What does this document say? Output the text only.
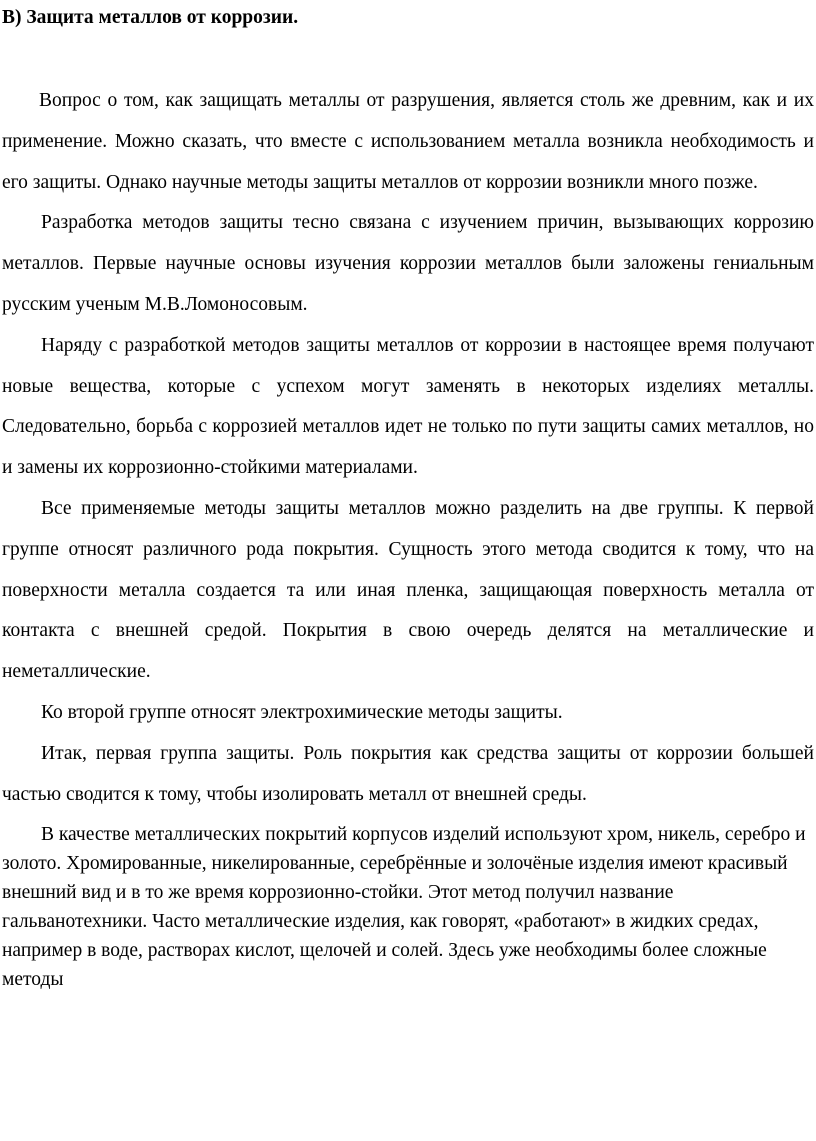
В) Защита металлов от коррозии.

Вопрос о том, как защищать металлы от разрушения, является столь же древним, как и их применение. Можно сказать, что вместе с использованием металла возникла необходимость и его защиты. Однако научные методы защиты металлов от коррозии возникли много позже.

Разработка методов защиты тесно связана с изучением причин, вызывающих коррозию металлов. Первые научные основы изучения коррозии металлов были заложены гениальным русским ученым М.В.Ломоносовым.

Наряду с разработкой методов защиты металлов от коррозии в настоящее время получают новые вещества, которые с успехом могут заменять в некоторых изделиях металлы. Следовательно, борьба с коррозией металлов идет не только по пути защиты самих металлов, но и замены их коррозионно-стойкими материалами.

Все применяемые методы защиты металлов можно разделить на две группы. К первой группе относят различного рода покрытия. Сущность этого метода сводится к тому, что на поверхности металла создается та или иная пленка, защищающая поверхность металла от контакта с внешней средой. Покрытия в свою очередь делятся на металлические и неметаллические.

Ко второй группе относят электрохимические методы защиты.

Итак, первая группа защиты. Роль покрытия как средства защиты от коррозии большей частью сводится к тому, чтобы изолировать металл от внешней среды.

В качестве металлических покрытий корпусов изделий используют хром, никель, серебро и золото. Хромированные, никелированные, серебрённые и золочёные изделия имеют красивый внешний вид и в то же время коррозионно-стойки. Этот метод получил название гальванотехники. Часто металлические изделия, как говорят, «работают» в жидких средах, например в воде, растворах кислот, щелочей и солей. Здесь уже необходимы более сложные методы
